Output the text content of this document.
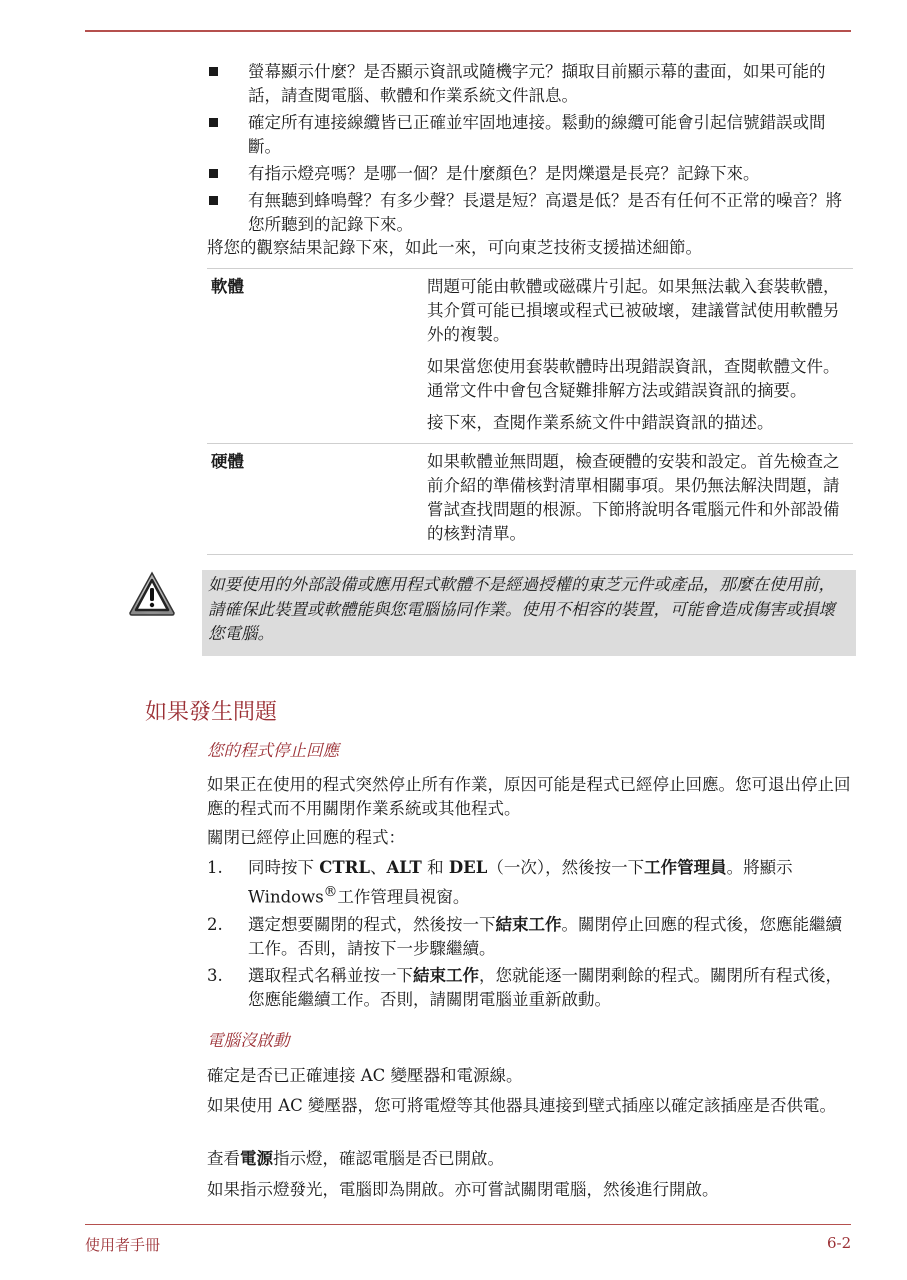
螢幕顯示什麼？是否顯示資訊或隨機字元？擷取目前顯示幕的畫面，如果可能的話，請查閱電腦、軟體和作業系統文件訊息。
確定所有連接線纜皆已正確並牢固地連接。鬆動的線纜可能會引起信號錯誤或間斷。
有指示燈亮嗎？是哪一個？是什麼顏色？是閃爍還是長亮？記錄下來。
有無聽到蜂鳴聲？有多少聲？長還是短？高還是低？是否有任何不正常的噪音？將您所聽到的記錄下來。

將您的觀察結果記錄下來，如此一來，可向東芝技術支援描述細節。

軟體	問題可能由軟體或磁碟片引起。如果無法載入套裝軟體，其介質可能已損壞或程式已被破壞，建議嘗試使用軟體另外的複製。

如果當您使用套裝軟體時出現錯誤資訊，查閱軟體文件。通常文件中會包含疑難排解方法或錯誤資訊的摘要。

接下來，查閱作業系統文件中錯誤資訊的描述。

硬體	如果軟體並無問題，檢查硬體的安裝和設定。首先檢查之前介紹的準備核對清單相關事項。果仍無法解決問題，請嘗試查找問題的根源。下節將說明各電腦元件和外部設備的核對清單。

如要使用的外部設備或應用程式軟體不是經過授權的東芝元件或產品，那麼在使用前，請確保此裝置或軟體能與您電腦協同作業。使用不相容的裝置，可能會造成傷害或損壞您電腦。

如果發生問題
您的程式停止回應

如果正在使用的程式突然停止所有作業，原因可能是程式已經停止回應。您可退出停止回應的程式而不用關閉作業系統或其他程式。

關閉已經停止回應的程式：

1. 同時按下 CTRL、ALT 和 DEL（一次），然後按一下工作管理員。將顯示 Windows®工作管理員視窗。
2. 選定想要關閉的程式，然後按一下結束工作。關閉停止回應的程式後，您應能繼續工作。否則，請按下一步驟繼續。
3. 選取程式名稱並按一下結束工作，您就能逐一關閉剩餘的程式。關閉所有程式後，您應能繼續工作。否則，請關閉電腦並重新啟動。
電腦沒啟動

確定是否已正確連接 AC 變壓器和電源線。

如果使用 AC 變壓器，您可將電燈等其他器具連接到壁式插座以確定該插座是否供電。

查看電源指示燈，確認電腦是否已開啟。

如果指示燈發光，電腦即為開啟。亦可嘗試關閉電腦，然後進行開啟。

使用者手冊	6-2
